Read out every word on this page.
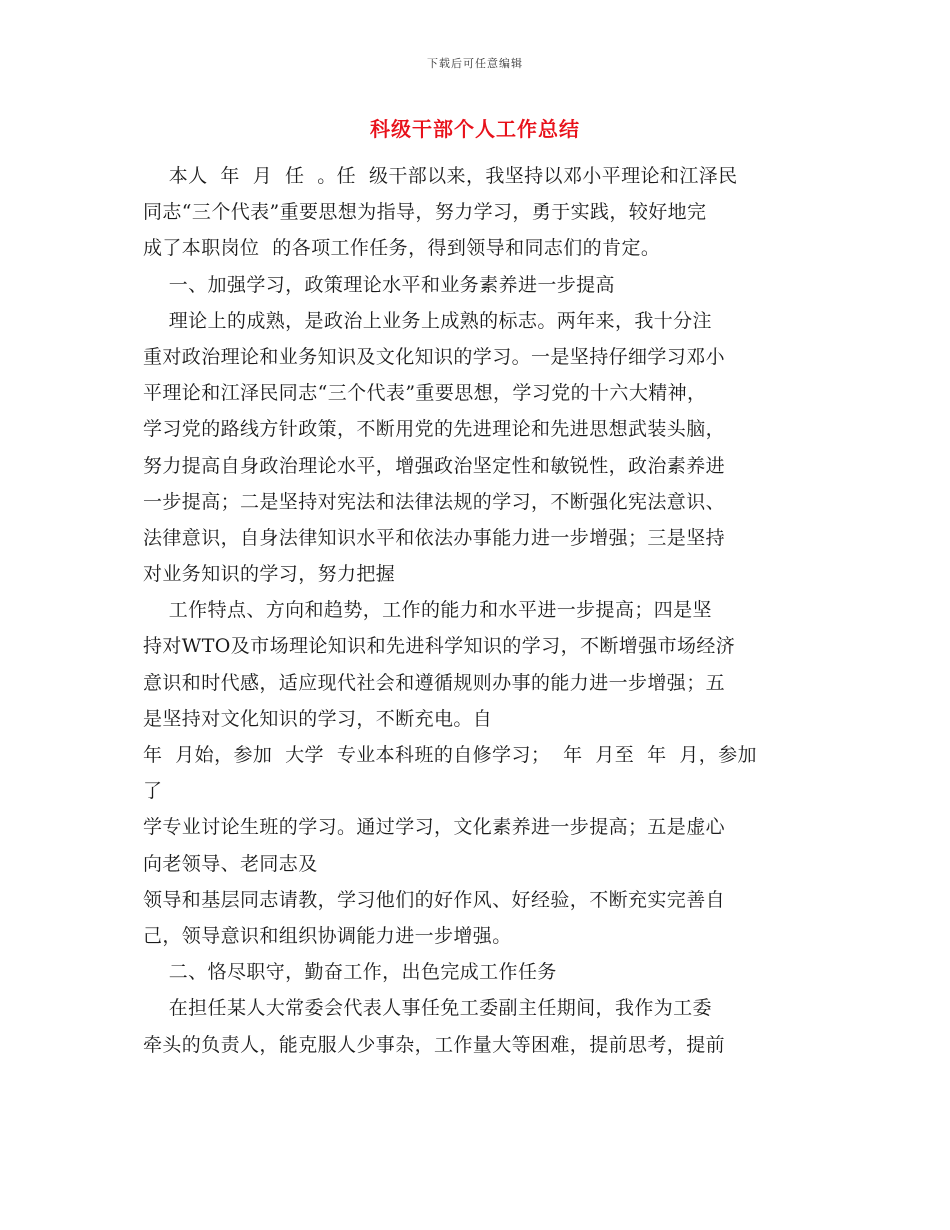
下载后可任意编辑
科级干部个人工作总结
本人  年  月  任  。任  级干部以来，我坚持以邓小平理论和江泽民
同志“三个代表”重要思想为指导，努力学习，勇于实践，较好地完
成了本职岗位  的各项工作任务，得到领导和同志们的肯定。
一、加强学习，政策理论水平和业务素养进一步提高
理论上的成熟，是政治上业务上成熟的标志。两年来，我十分注
重对政治理论和业务知识及文化知识的学习。一是坚持仔细学习邓小
平理论和江泽民同志“三个代表”重要思想，学习党的十六大精神，
学习党的路线方针政策，不断用党的先进理论和先进思想武装头脑，
努力提高自身政治理论水平，增强政治坚定性和敏锐性，政治素养进
一步提高；二是坚持对宪法和法律法规的学习，不断强化宪法意识、
法律意识，自身法律知识水平和依法办事能力进一步增强；三是坚持
对业务知识的学习，努力把握
工作特点、方向和趋势，工作的能力和水平进一步提高；四是坚
持对WTO及市场理论知识和先进科学知识的学习，不断增强市场经济
意识和时代感，适应现代社会和遵循规则办事的能力进一步增强；五
是坚持对文化知识的学习，不断充电。自
年  月始，参加  大学  专业本科班的自修学习；  年  月至  年  月，参加
了
学专业讨论生班的学习。通过学习，文化素养进一步提高；五是虚心
向老领导、老同志及
领导和基层同志请教，学习他们的好作风、好经验，不断充实完善自
己，领导意识和组织协调能力进一步增强。
二、恪尽职守，勤奋工作，出色完成工作任务
在担任某人大常委会代表人事任免工委副主任期间，我作为工委
牵头的负责人，能克服人少事杂，工作量大等困难，提前思考，提前
